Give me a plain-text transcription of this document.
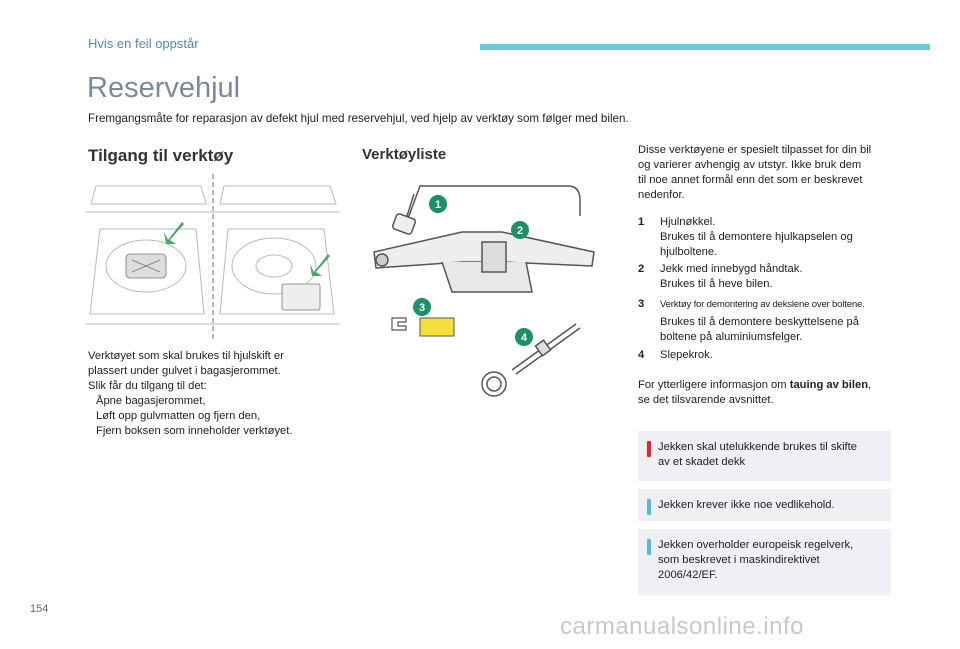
Hvis en feil oppstår
Reservehjul
Fremgangsmåte for reparasjon av defekt hjul med reservehjul, ved hjelp av verktøy som følger med bilen.
Tilgang til verktøy
Verktøyet som skal brukes til hjulskift er
plassert under gulvet i bagasjerommet.
Slik får du tilgang til det:
Åpne bagasjerommet,
Løft opp gulvmatten og fjern den,
Fjern boksen som inneholder verktøyet.
Verktøyliste
1
2
3
4
Disse verktøyene er spesielt tilpasset for din bil
og varierer avhengig av utstyr. Ikke bruk dem
til noe annet formål enn det som er beskrevet
nedenfor.
1	Hjulnøkkel.
Brukes til å demontere hjulkapselen og
hjulboltene.
2	Jekk med innebygd håndtak.
Brukes til å heve bilen.
3	Verktøy for demontering av dekslene over boltene.
Brukes til å demontere beskyttelsene på
boltene på aluminiumsfelger.
4	Slepekrok.
For ytterligere informasjon om tauing av bilen,
se det tilsvarende avsnittet.
Jekken skal utelukkende brukes til skifte
av et skadet dekk
Jekken krever ikke noe vedlikehold.
Jekken overholder europeisk regelverk,
som beskrevet i maskindirektivet
2006/42/EF.
154
carmanualsonline.info
